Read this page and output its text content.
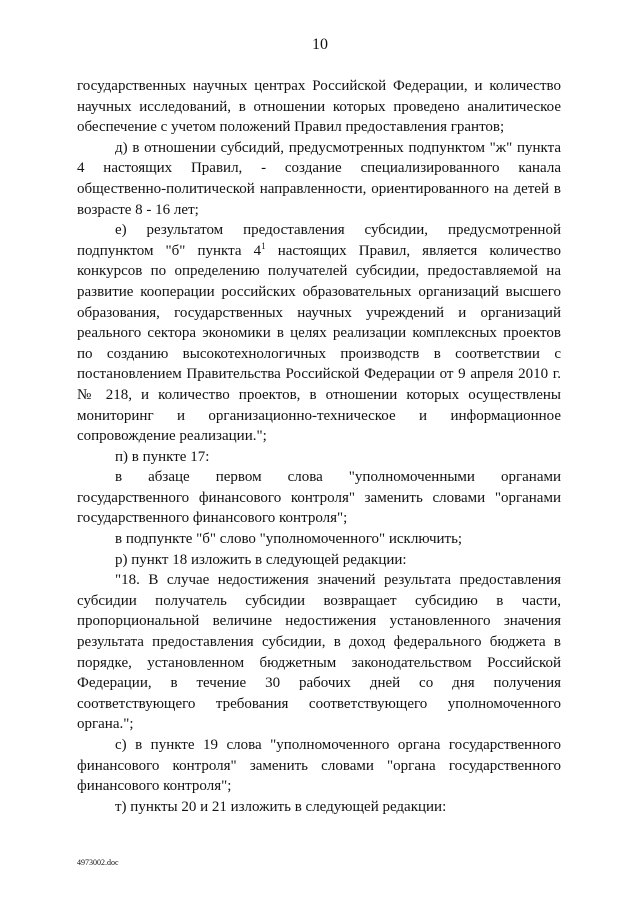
10

государственных научных центрах Российской Федерации, и количество научных исследований, в отношении которых проведено аналитическое обеспечение с учетом положений Правил предоставления грантов;

д) в отношении субсидий, предусмотренных подпунктом "ж" пункта 4 настоящих Правил, - создание специализированного канала общественно-политической направленности, ориентированного на детей в возрасте 8 - 16 лет;

е) результатом предоставления субсидии, предусмотренной подпунктом "б" пункта $4^1$ настоящих Правил, является количество конкурсов по определению получателей субсидии, предоставляемой на развитие кооперации российских образовательных организаций высшего образования, государственных научных учреждений и организаций реального сектора экономики в целях реализации комплексных проектов по созданию высокотехнологичных производств в соответствии с постановлением Правительства Российской Федерации от 9 апреля 2010 г. № 218, и количество проектов, в отношении которых осуществлены мониторинг и организационно-техническое и информационное сопровождение реализации.";

п) в пункте 17:

в абзаце первом слова "уполномоченными органами государственного финансового контроля" заменить словами "органами государственного финансового контроля";

в подпункте "б" слово "уполномоченного" исключить;

р) пункт 18 изложить в следующей редакции:

"18. В случае недостижения значений результата предоставления субсидии получатель субсидии возвращает субсидию в части, пропорциональной величине недостижения установленного значения результата предоставления субсидии, в доход федерального бюджета в порядке, установленном бюджетным законодательством Российской Федерации, в течение 30 рабочих дней со дня получения соответствующего требования соответствующего уполномоченного органа.";

с) в пункте 19 слова "уполномоченного органа государственного финансового контроля" заменить словами "органа государственного финансового контроля";

т) пункты 20 и 21 изложить в следующей редакции:

4973002.doc
